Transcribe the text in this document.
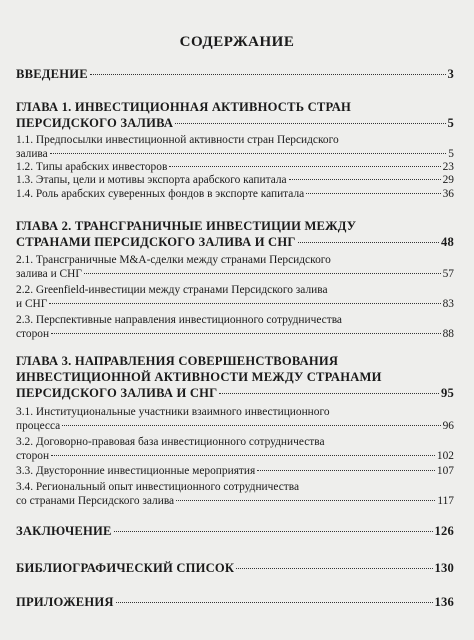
СОДЕРЖАНИЕ
ВВЕДЕНИЕ	3
ГЛАВА 1. ИНВЕСТИЦИОННАЯ АКТИВНОСТЬ СТРАН
ПЕРСИДСКОГО ЗАЛИВА	5
1.1. Предпосылки инвестиционной активности стран Персидского
залива	5
1.2. Типы арабских инвесторов	23
1.3. Этапы, цели и мотивы экспорта арабского капитала	29
1.4. Роль арабских суверенных фондов в экспорте капитала	36
ГЛАВА 2. ТРАНСГРАНИЧНЫЕ ИНВЕСТИЦИИ МЕЖДУ
СТРАНАМИ ПЕРСИДСКОГО ЗАЛИВА И СНГ	48
2.1. Трансграничные M&A-сделки между странами Персидского
залива и СНГ	57
2.2. Greenfield-инвестиции между странами Персидского залива
и СНГ	83
2.3. Перспективные направления инвестиционного сотрудничества
сторон	88
ГЛАВА 3. НАПРАВЛЕНИЯ СОВЕРШЕНСТВОВАНИЯ
ИНВЕСТИЦИОННОЙ АКТИВНОСТИ МЕЖДУ СТРАНАМИ
ПЕРСИДСКОГО ЗАЛИВА И СНГ	95
3.1. Институциональные участники взаимного инвестиционного
процесса	96
3.2. Договорно-правовая база инвестиционного сотрудничества
сторон	102
3.3. Двусторонние инвестиционные мероприятия	107
3.4. Региональный опыт инвестиционного сотрудничества
со странами Персидского залива	117
ЗАКЛЮЧЕНИЕ	126
БИБЛИОГРАФИЧЕСКИЙ СПИСОК	130
ПРИЛОЖЕНИЯ	136
